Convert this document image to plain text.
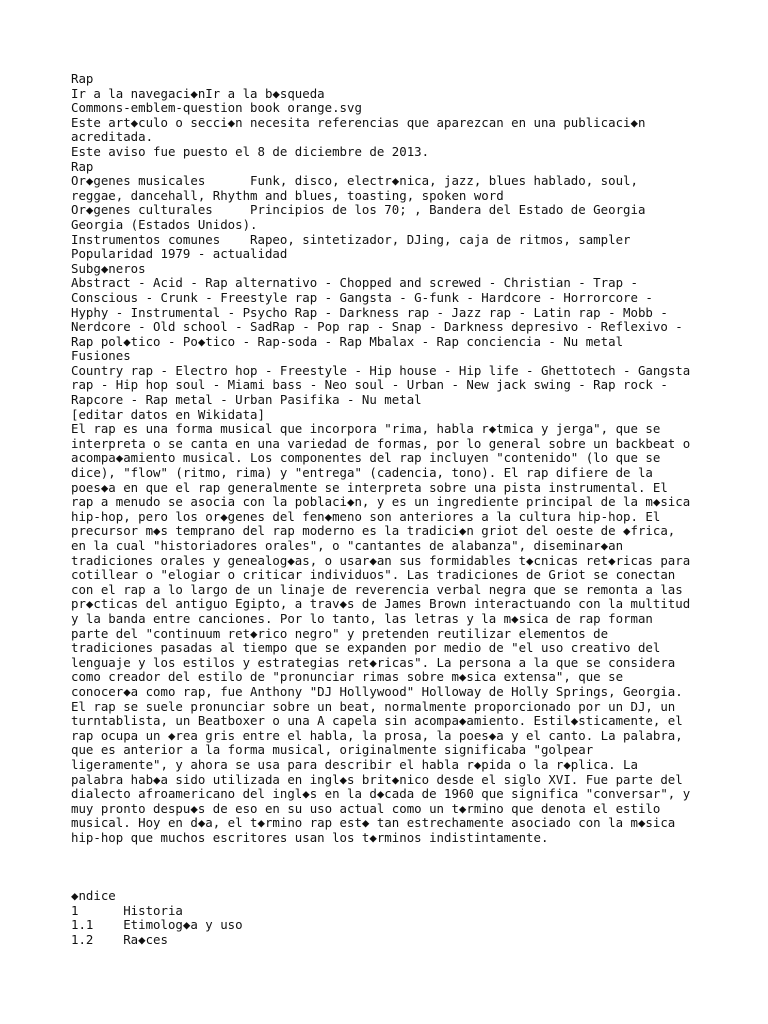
Rap
Ir a la navegaci◆nIr a la b◆squeda
Commons-emblem-question book orange.svg
Este art◆culo o secci◆n necesita referencias que aparezcan en una publicaci◆n
acreditada.
Este aviso fue puesto el 8 de diciembre de 2013.
Rap
Or◆genes musicales      Funk, disco, electr◆nica, jazz, blues hablado, soul,
reggae, dancehall, Rhythm and blues, toasting, spoken word
Or◆genes culturales     Principios de los 70; , Bandera del Estado de Georgia
Georgia (Estados Unidos).
Instrumentos comunes    Rapeo, sintetizador, DJing, caja de ritmos, sampler
Popularidad 1979 - actualidad
Subg◆neros
Abstract - Acid - Rap alternativo - Chopped and screwed - Christian - Trap -
Conscious - Crunk - Freestyle rap - Gangsta - G-funk - Hardcore - Horrorcore -
Hyphy - Instrumental - Psycho Rap - Darkness rap - Jazz rap - Latin rap - Mobb -
Nerdcore - Old school - SadRap - Pop rap - Snap - Darkness depresivo - Reflexivo -
Rap pol◆tico - Po◆tico - Rap-soda - Rap Mbalax - Rap conciencia - Nu metal
Fusiones
Country rap - Electro hop - Freestyle - Hip house - Hip life - Ghettotech - Gangsta
rap - Hip hop soul - Miami bass - Neo soul - Urban - New jack swing - Rap rock -
Rapcore - Rap metal - Urban Pasifika - Nu metal
[editar datos en Wikidata]
El rap es una forma musical que incorpora "rima, habla r◆tmica y jerga", que se
interpreta o se canta en una variedad de formas, por lo general sobre un backbeat o
acompa◆amiento musical. Los componentes del rap incluyen "contenido" (lo que se
dice), "flow" (ritmo, rima) y "entrega" (cadencia, tono). El rap difiere de la
poes◆a en que el rap generalmente se interpreta sobre una pista instrumental. El
rap a menudo se asocia con la poblaci◆n, y es un ingrediente principal de la m◆sica
hip-hop, pero los or◆genes del fen◆meno son anteriores a la cultura hip-hop. El
precursor m◆s temprano del rap moderno es la tradici◆n griot del oeste de ◆frica,
en la cual "historiadores orales", o "cantantes de alabanza", diseminar◆an
tradiciones orales y genealog◆as, o usar◆an sus formidables t◆cnicas ret◆ricas para
cotillear o "elogiar o criticar individuos". Las tradiciones de Griot se conectan
con el rap a lo largo de un linaje de reverencia verbal negra que se remonta a las
pr◆cticas del antiguo Egipto, a trav◆s de James Brown interactuando con la multitud
y la banda entre canciones. Por lo tanto, las letras y la m◆sica de rap forman
parte del "continuum ret◆rico negro" y pretenden reutilizar elementos de
tradiciones pasadas al tiempo que se expanden por medio de "el uso creativo del
lenguaje y los estilos y estrategias ret◆ricas". La persona a la que se considera
como creador del estilo de "pronunciar rimas sobre m◆sica extensa", que se
conocer◆a como rap, fue Anthony "DJ Hollywood" Holloway de Holly Springs, Georgia.
El rap se suele pronunciar sobre un beat, normalmente proporcionado por un DJ, un
turntablista, un Beatboxer o una A capela sin acompa◆amiento. Estil◆sticamente, el
rap ocupa un ◆rea gris entre el habla, la prosa, la poes◆a y el canto. La palabra,
que es anterior a la forma musical, originalmente significaba "golpear
ligeramente", y ahora se usa para describir el habla r◆pida o la r◆plica. La
palabra hab◆a sido utilizada en ingl◆s brit◆nico desde el siglo XVI. Fue parte del
dialecto afroamericano del ingl◆s en la d◆cada de 1960 que significa "conversar", y
muy pronto despu◆s de eso en su uso actual como un t◆rmino que denota el estilo
musical. Hoy en d◆a, el t◆rmino rap est◆ tan estrechamente asociado con la m◆sica
hip-hop que muchos escritores usan los t◆rminos indistintamente.
◆ndice
1      Historia
1.1    Etimolog◆a y uso
1.2    Ra◆ces
